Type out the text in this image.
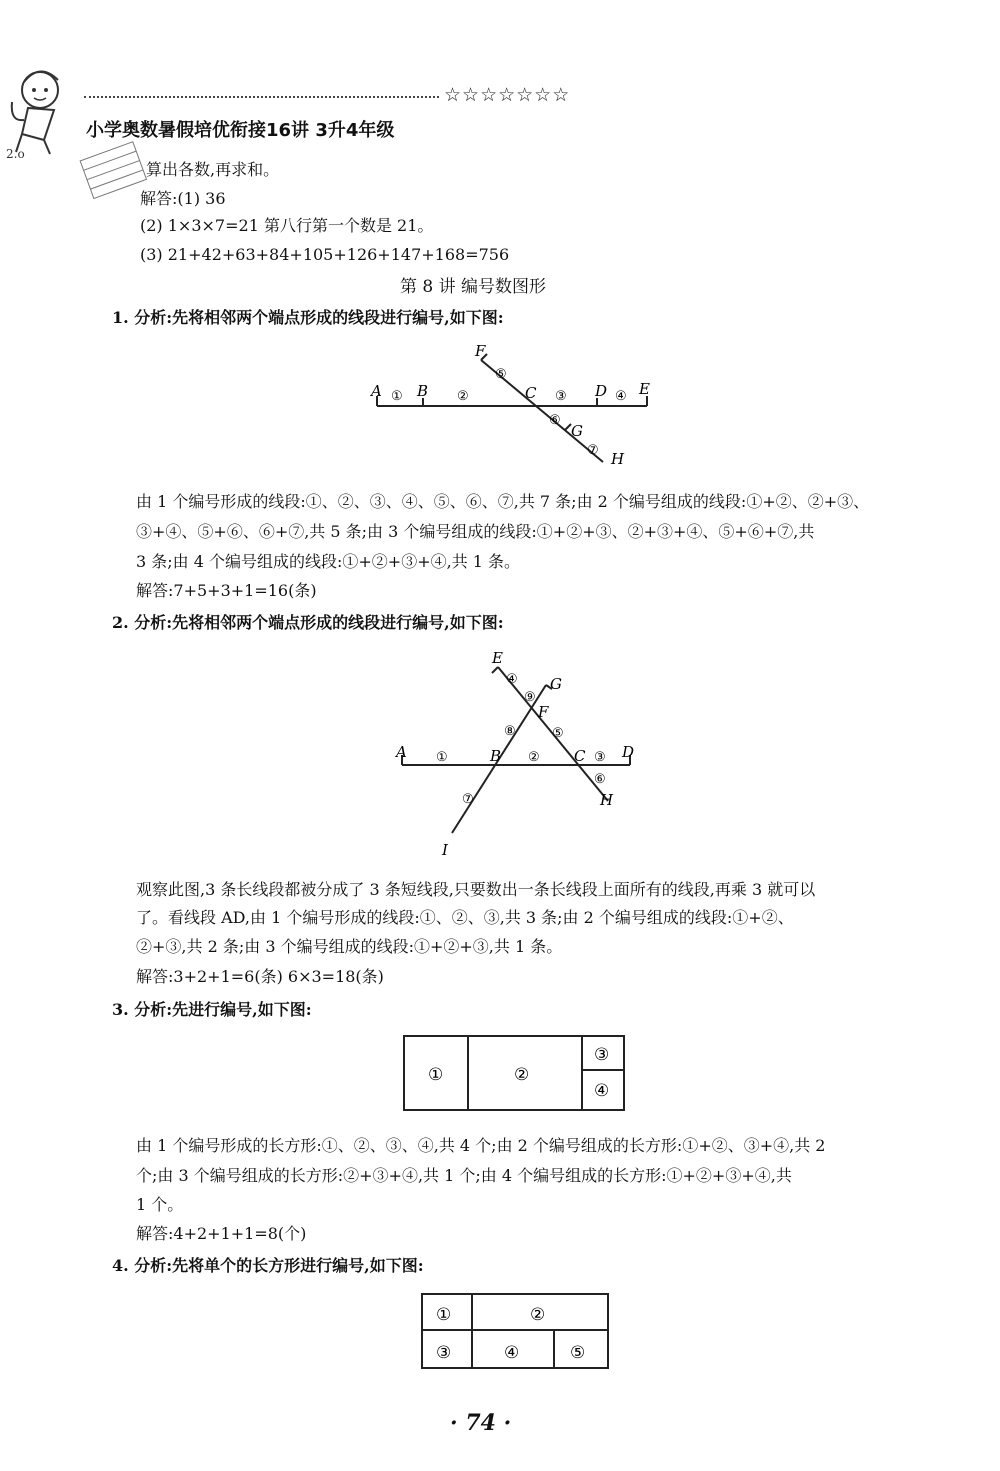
2.o
☆☆☆☆☆☆☆
小学奥数暑假培优衔接16讲 3升4年级
算出各数,再求和。
解答:(1) 36
(2) 1×3×7=21 第八行第一个数是 21。
(3) 21+42+63+84+105+126+147+168=756
第 8 讲 编号数图形
1. 分析:先将相邻两个端点形成的线段进行编号,如下图:
A B	C	D E
F
G
H
①	②	③	④
⑤
⑥
⑦
由 1 个编号形成的线段:①、②、③、④、⑤、⑥、⑦,共 7 条;由 2 个编号组成的线段:①+②、②+③、
③+④、⑤+⑥、⑥+⑦,共 5 条;由 3 个编号组成的线段:①+②+③、②+③+④、⑤+⑥+⑦,共
3 条;由 4 个编号组成的线段:①+②+③+④,共 1 条。
解答:7+5+3+1=16(条)
2. 分析:先将相邻两个端点形成的线段进行编号,如下图:
E
G
F
A	B	C D
H
I
④
⑨
⑧	⑤
①	②	③
⑥
⑦
观察此图,3 条长线段都被分成了 3 条短线段,只要数出一条长线段上面所有的线段,再乘 3 就可以
了。看线段 AD,由 1 个编号形成的线段:①、②、③,共 3 条;由 2 个编号组成的线段:①+②、
②+③,共 2 条;由 3 个编号组成的线段:①+②+③,共 1 条。
解答:3+2+1=6(条) 6×3=18(条)
3. 分析:先进行编号,如下图:
①	②
③
④
由 1 个编号形成的长方形:①、②、③、④,共 4 个;由 2 个编号组成的长方形:①+②、③+④,共 2
个;由 3 个编号组成的长方形:②+③+④,共 1 个;由 4 个编号组成的长方形:①+②+③+④,共
1 个。
解答:4+2+1+1=8(个)
4. 分析:先将单个的长方形进行编号,如下图:
①	②
③	④	⑤
· 74 ·
